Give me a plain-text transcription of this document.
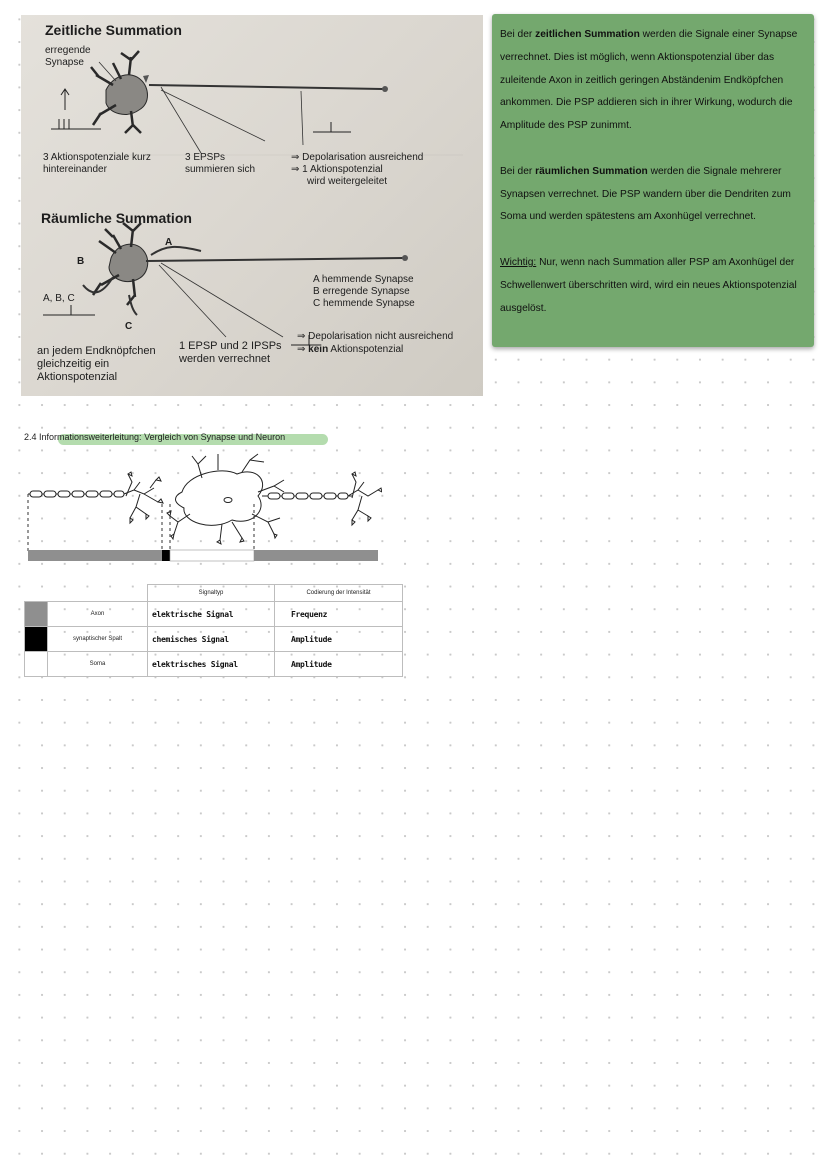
Zeitliche Summation
erregende
Synapse
3 Aktionspotenziale kurz
hintereinander
3 EPSPs
summieren sich
⇒ Depolarisation ausreichend
⇒ 1 Aktionspotenzial
wird weitergeleitet
Räumliche Summation
A
B
C
A, B, C
A hemmende Synapse
B erregende Synapse
C hemmende Synapse
an jedem Endknöpfchen
gleichzeitig ein
Aktionspotenzial
1 EPSP und 2 IPSPs
werden verrechnet
⇒ Depolarisation nicht ausreichend
⇒ kein Aktionspotenzial

Bei der zeitlichen Summation werden die Signale einer Synapse verrechnet. Dies ist möglich, wenn Aktionspotenzial über das zuleitende Axon in zeitlich geringen Abständenim Endköpfchen ankommen. Die PSP addieren sich in ihrer Wirkung, wodurch die Amplitude des PSP zunimmt.

Bei der räumlichen Summation werden die Signale mehrerer Synapsen verrechnet. Die PSP wandern über die Dendriten zum Soma und werden spätestens am Axonhügel verrechnet.

Wichtig: Nur, wenn nach Summation aller PSP am Axonhügel der Schwellenwert überschritten wird, wird ein neues Aktionspotenzial ausgelöst.

2.4 Informationsweiterleitung: Vergleich von Synapse und Neuron
		Signaltyp	Codierung der Intensität
	Axon	elektrische Signal	Frequenz
	synaptischer Spalt	chemisches Signal	Amplitude
	Soma	elektrisches Signal	Amplitude
